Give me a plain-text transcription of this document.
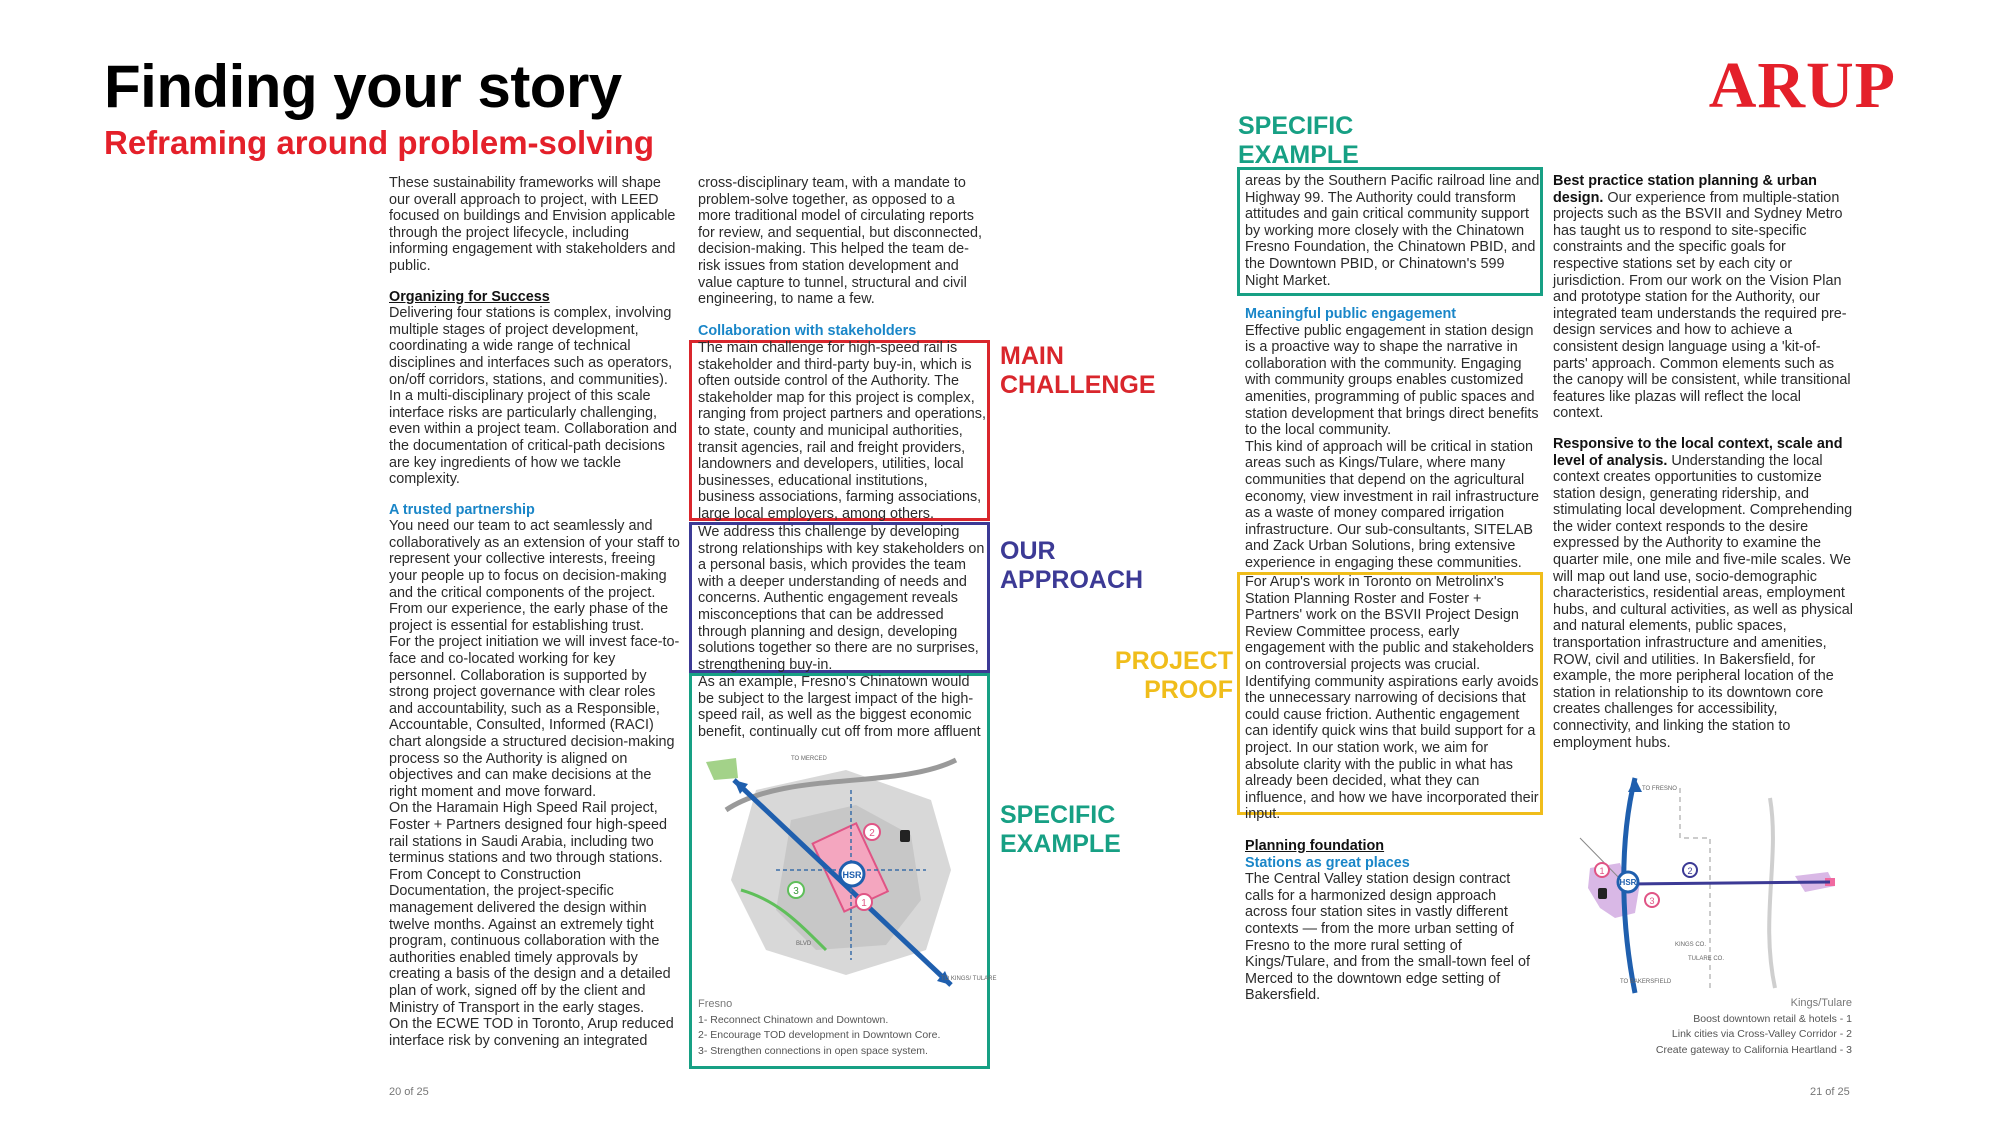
Finding your story
Reframing around problem-solving
ARUP

These sustainability frameworks will shape our overall approach to project, with LEED focused on buildings and Envision applicable through the project lifecycle, including informing engagement with stakeholders and public.

Organizing for Success

Delivering four stations is complex, involving multiple stages of project development, coordinating a wide range of technical disciplines and interfaces such as operators, on/off corridors, stations, and communities). In a multi-disciplinary project of this scale interface risks are particularly challenging, even within a project team. Collaboration and the documentation of critical-path decisions are key ingredients of how we tackle complexity.

A trusted partnership

You need our team to act seamlessly and collaboratively as an extension of your staff to represent your collective interests, freeing your people up to focus on decision-making and the critical components of the project. From our experience, the early phase of the project is essential for establishing trust.

For the project initiation we will invest face-to-face and co-located working for key personnel. Collaboration is supported by strong project governance with clear roles and accountability, such as a Responsible, Accountable, Consulted, Informed (RACI) chart alongside a structured decision-making process so the Authority is aligned on objectives and can make decisions at the right moment and move forward.

On the Haramain High Speed Rail project, Foster + Partners designed four high-speed rail stations in Saudi Arabia, including two terminus stations and two through stations. From Concept to Construction Documentation, the project-specific management delivered the design within twelve months. Against an extremely tight program, continuous collaboration with the authorities enabled timely approvals by creating a basis of the design and a detailed plan of work, signed off by the client and Ministry of Transport in the early stages.

On the ECWE TOD in Toronto, Arup reduced interface risk by convening an integrated

20 of 25

cross-disciplinary team, with a mandate to problem-solve together, as opposed to a more traditional model of circulating reports for review, and sequential, but disconnected, decision-making. This helped the team de-risk issues from station development and value capture to tunnel, structural and civil engineering, to name a few.

Collaboration with stakeholders

The main challenge for high-speed rail is stakeholder and third-party buy-in, which is often outside control of the Authority. The stakeholder map for this project is complex, ranging from project partners and operations, to state, county and municipal authorities, transit agencies, rail and freight providers, landowners and developers, utilities, local businesses, educational institutions, business associations, farming associations, large local employers, among others.

We address this challenge by developing strong relationships with key stakeholders on a personal basis, which provides the team with a deeper understanding of needs and concerns. Authentic engagement reveals misconceptions that can be addressed through planning and design, developing solutions together so there are no surprises, strengthening buy-in.

As an example, Fresno's Chinatown would be subject to the largest impact of the high-speed rail, as well as the biggest economic benefit, continually cut off from more affluent

HSR
1
2
3
TO MERCED
TO KINGS/ TULARE
BLVD
Fresno
1- Reconnect Chinatown and Downtown.
2- Encourage TOD development in Downtown Core.
3- Strengthen connections in open space system.
MAIN CHALLENGE
OUR APPROACH
SPECIFIC EXAMPLE
SPECIFIC EXAMPLE
PROJECT PROOF

areas by the Southern Pacific railroad line and Highway 99. The Authority could transform attitudes and gain critical community support by working more closely with the Chinatown Fresno Foundation, the Chinatown PBID, and the Downtown PBID, or Chinatown's 599 Night Market.

Meaningful public engagement

Effective public engagement in station design is a proactive way to shape the narrative in collaboration with the community. Engaging with community groups enables customized amenities, programming of public spaces and station development that brings direct benefits to the local community.

This kind of approach will be critical in station areas such as Kings/Tulare, where many communities that depend on the agricultural economy, view investment in rail infrastructure as a waste of money compared irrigation infrastructure. Our sub-consultants, SITELAB and Zack Urban Solutions, bring extensive experience in engaging these communities.

For Arup's work in Toronto on Metrolinx's Station Planning Roster and Foster + Partners' work on the BSVII Project Design Review Committee process, early engagement with the public and stakeholders on controversial projects was crucial. Identifying community aspirations early avoids the unnecessary narrowing of decisions that could cause friction. Authentic engagement can identify quick wins that build support for a project. In our station work, we aim for absolute clarity with the public in what has already been decided, what they can influence, and how we have incorporated their input.

Planning foundation

Stations as great places

The Central Valley station design contract calls for a harmonized design approach across four station sites in vastly different contexts — from the more urban setting of Fresno to the more rural setting of Kings/Tulare, and from the small-town feel of Merced to the downtown edge setting of Bakersfield.

Best practice station planning & urban design. Our experience from multiple-station projects such as the BSVII and Sydney Metro has taught us to respond to site-specific constraints and the specific goals for respective stations set by each city or jurisdiction. From our work on the Vision Plan and prototype station for the Authority, our integrated team understands the required pre-design services and how to achieve a consistent design language using a 'kit-of-parts' approach. Common elements such as the canopy will be consistent, while transitional features like plazas will reflect the local context.

Responsive to the local context, scale and level of analysis. Understanding the local context creates opportunities to customize station design, generating ridership, and stimulating local development. Comprehending the wider context responds to the desire expressed by the Authority to examine the quarter mile, one mile and five-mile scales. We will map out land use, socio-demographic characteristics, residential areas, employment hubs, and cultural activities, as well as physical and natural elements, public spaces, transportation infrastructure and amenities, ROW, civil and utilities. In Bakersfield, for example, the more peripheral location of the station in relationship to its downtown core creates challenges for accessibility, connectivity, and linking the station to employment hubs.

HSR
1	2
3
TO FRESNO
TO BAKERSFIELD
KINGS CO.
TULARE CO.
Kings/Tulare
Boost downtown retail & hotels - 1
Link cities via Cross-Valley Corridor - 2
Create gateway to California Heartland - 3
21 of 25
